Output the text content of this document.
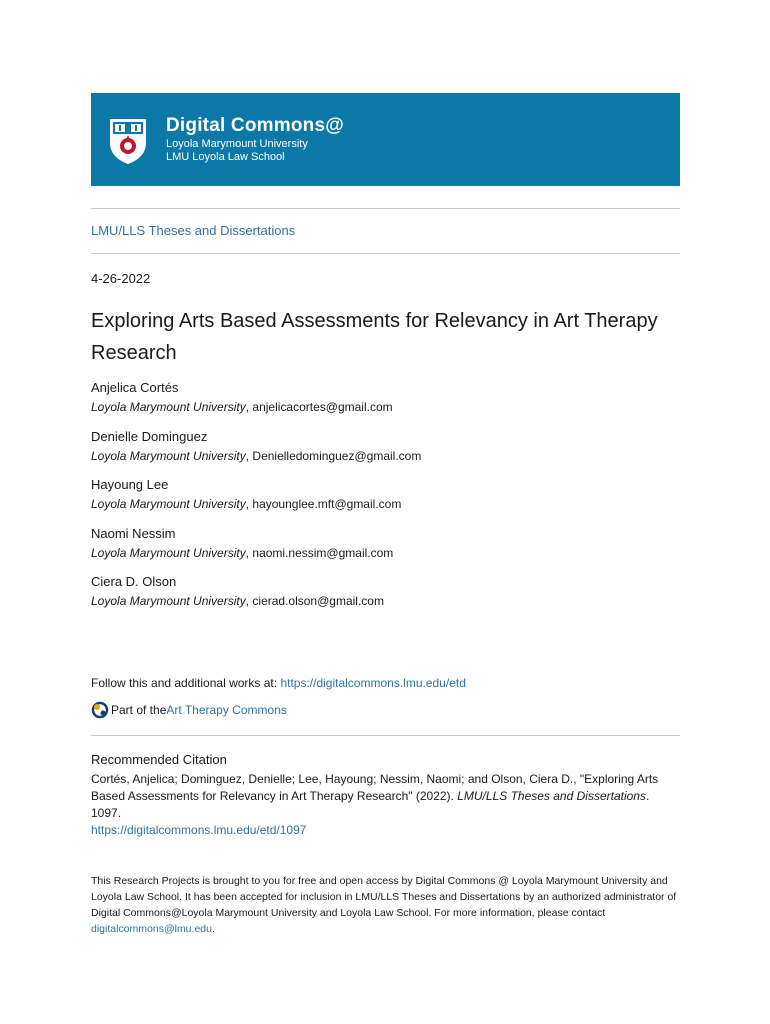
Digital Commons@
Loyola Marymount University
LMU Loyola Law School
LMU/LLS Theses and Dissertations
4-26-2022
Exploring Arts Based Assessments for Relevancy in Art Therapy Research
Anjelica Cortés
Loyola Marymount University, anjelicacortes@gmail.com
Denielle Dominguez
Loyola Marymount University, Denielledominguez@gmail.com
Hayoung Lee
Loyola Marymount University, hayounglee.mft@gmail.com
Naomi Nessim
Loyola Marymount University, naomi.nessim@gmail.com
Ciera D. Olson
Loyola Marymount University, cierad.olson@gmail.com
Follow this and additional works at: https://digitalcommons.lmu.edu/etd
Part of the Art Therapy Commons
Recommended Citation
Cortés, Anjelica; Dominguez, Denielle; Lee, Hayoung; Nessim, Naomi; and Olson, Ciera D., "Exploring Arts Based Assessments for Relevancy in Art Therapy Research" (2022). LMU/LLS Theses and Dissertations. 1097.
https://digitalcommons.lmu.edu/etd/1097
This Research Projects is brought to you for free and open access by Digital Commons @ Loyola Marymount University and Loyola Law School. It has been accepted for inclusion in LMU/LLS Theses and Dissertations by an authorized administrator of Digital Commons@Loyola Marymount University and Loyola Law School. For more information, please contact digitalcommons@lmu.edu.
